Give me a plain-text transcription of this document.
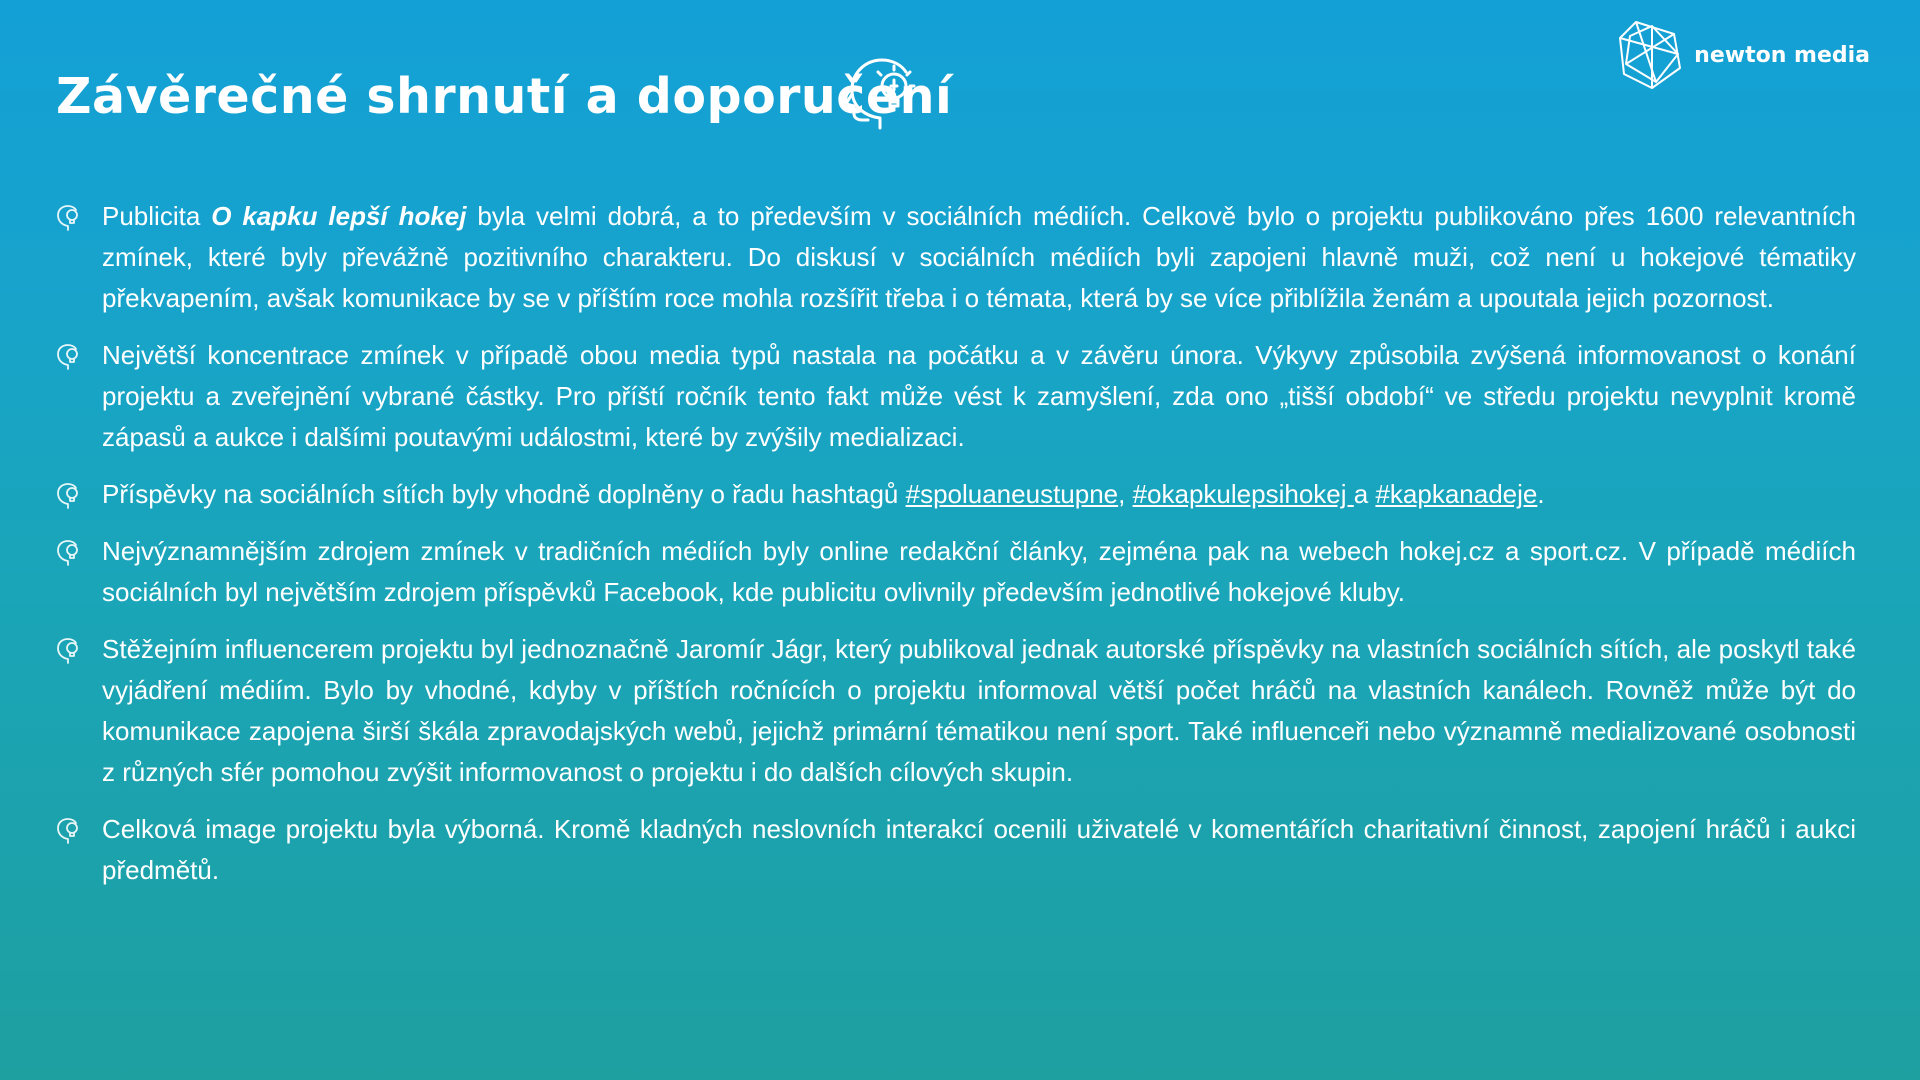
Závěrečné shrnutí a doporučení
newton media
Publicita O kapku lepší hokej byla velmi dobrá, a to především v sociálních médiích. Celkově bylo o projektu publikováno přes 1600 relevantních zmínek, které byly převážně pozitivního charakteru. Do diskusí v sociálních médiích byli zapojeni hlavně muži, což není u hokejové tématiky překvapením, avšak komunikace by se v příštím roce mohla rozšířit třeba i o témata, která by se více přiblížila ženám a upoutala jejich pozornost.
Největší koncentrace zmínek v případě obou media typů nastala na počátku a v závěru února. Výkyvy způsobila zvýšená informovanost o konání projektu a zveřejnění vybrané částky. Pro příští ročník tento fakt může vést k zamyšlení, zda ono „tišší období“ ve středu projektu nevyplnit kromě zápasů a aukce i dalšími poutavými událostmi, které by zvýšily medializaci.
Příspěvky na sociálních sítích byly vhodně doplněny o řadu hashtagů #spoluaneustupne, #okapkulepsihokej a #kapkanadeje.
Nejvýznamnějším zdrojem zmínek v tradičních médiích byly online redakční články, zejména pak na webech hokej.cz a sport.cz. V případě médiích sociálních byl největším zdrojem příspěvků Facebook, kde publicitu ovlivnily především jednotlivé hokejové kluby.
Stěžejním influencerem projektu byl jednoznačně Jaromír Jágr, který publikoval jednak autorské příspěvky na vlastních sociálních sítích, ale poskytl také vyjádření médiím. Bylo by vhodné, kdyby v příštích ročnících o projektu informoval větší počet hráčů na vlastních kanálech. Rovněž může být do komunikace zapojena širší škála zpravodajských webů, jejichž primární tématikou není sport. Také influenceři nebo významně medializované osobnosti z různých sfér pomohou zvýšit informovanost o projektu i do dalších cílových skupin.
Celková image projektu byla výborná. Kromě kladných neslovních interakcí ocenili uživatelé v komentářích charitativní činnost, zapojení hráčů i aukci předmětů.
